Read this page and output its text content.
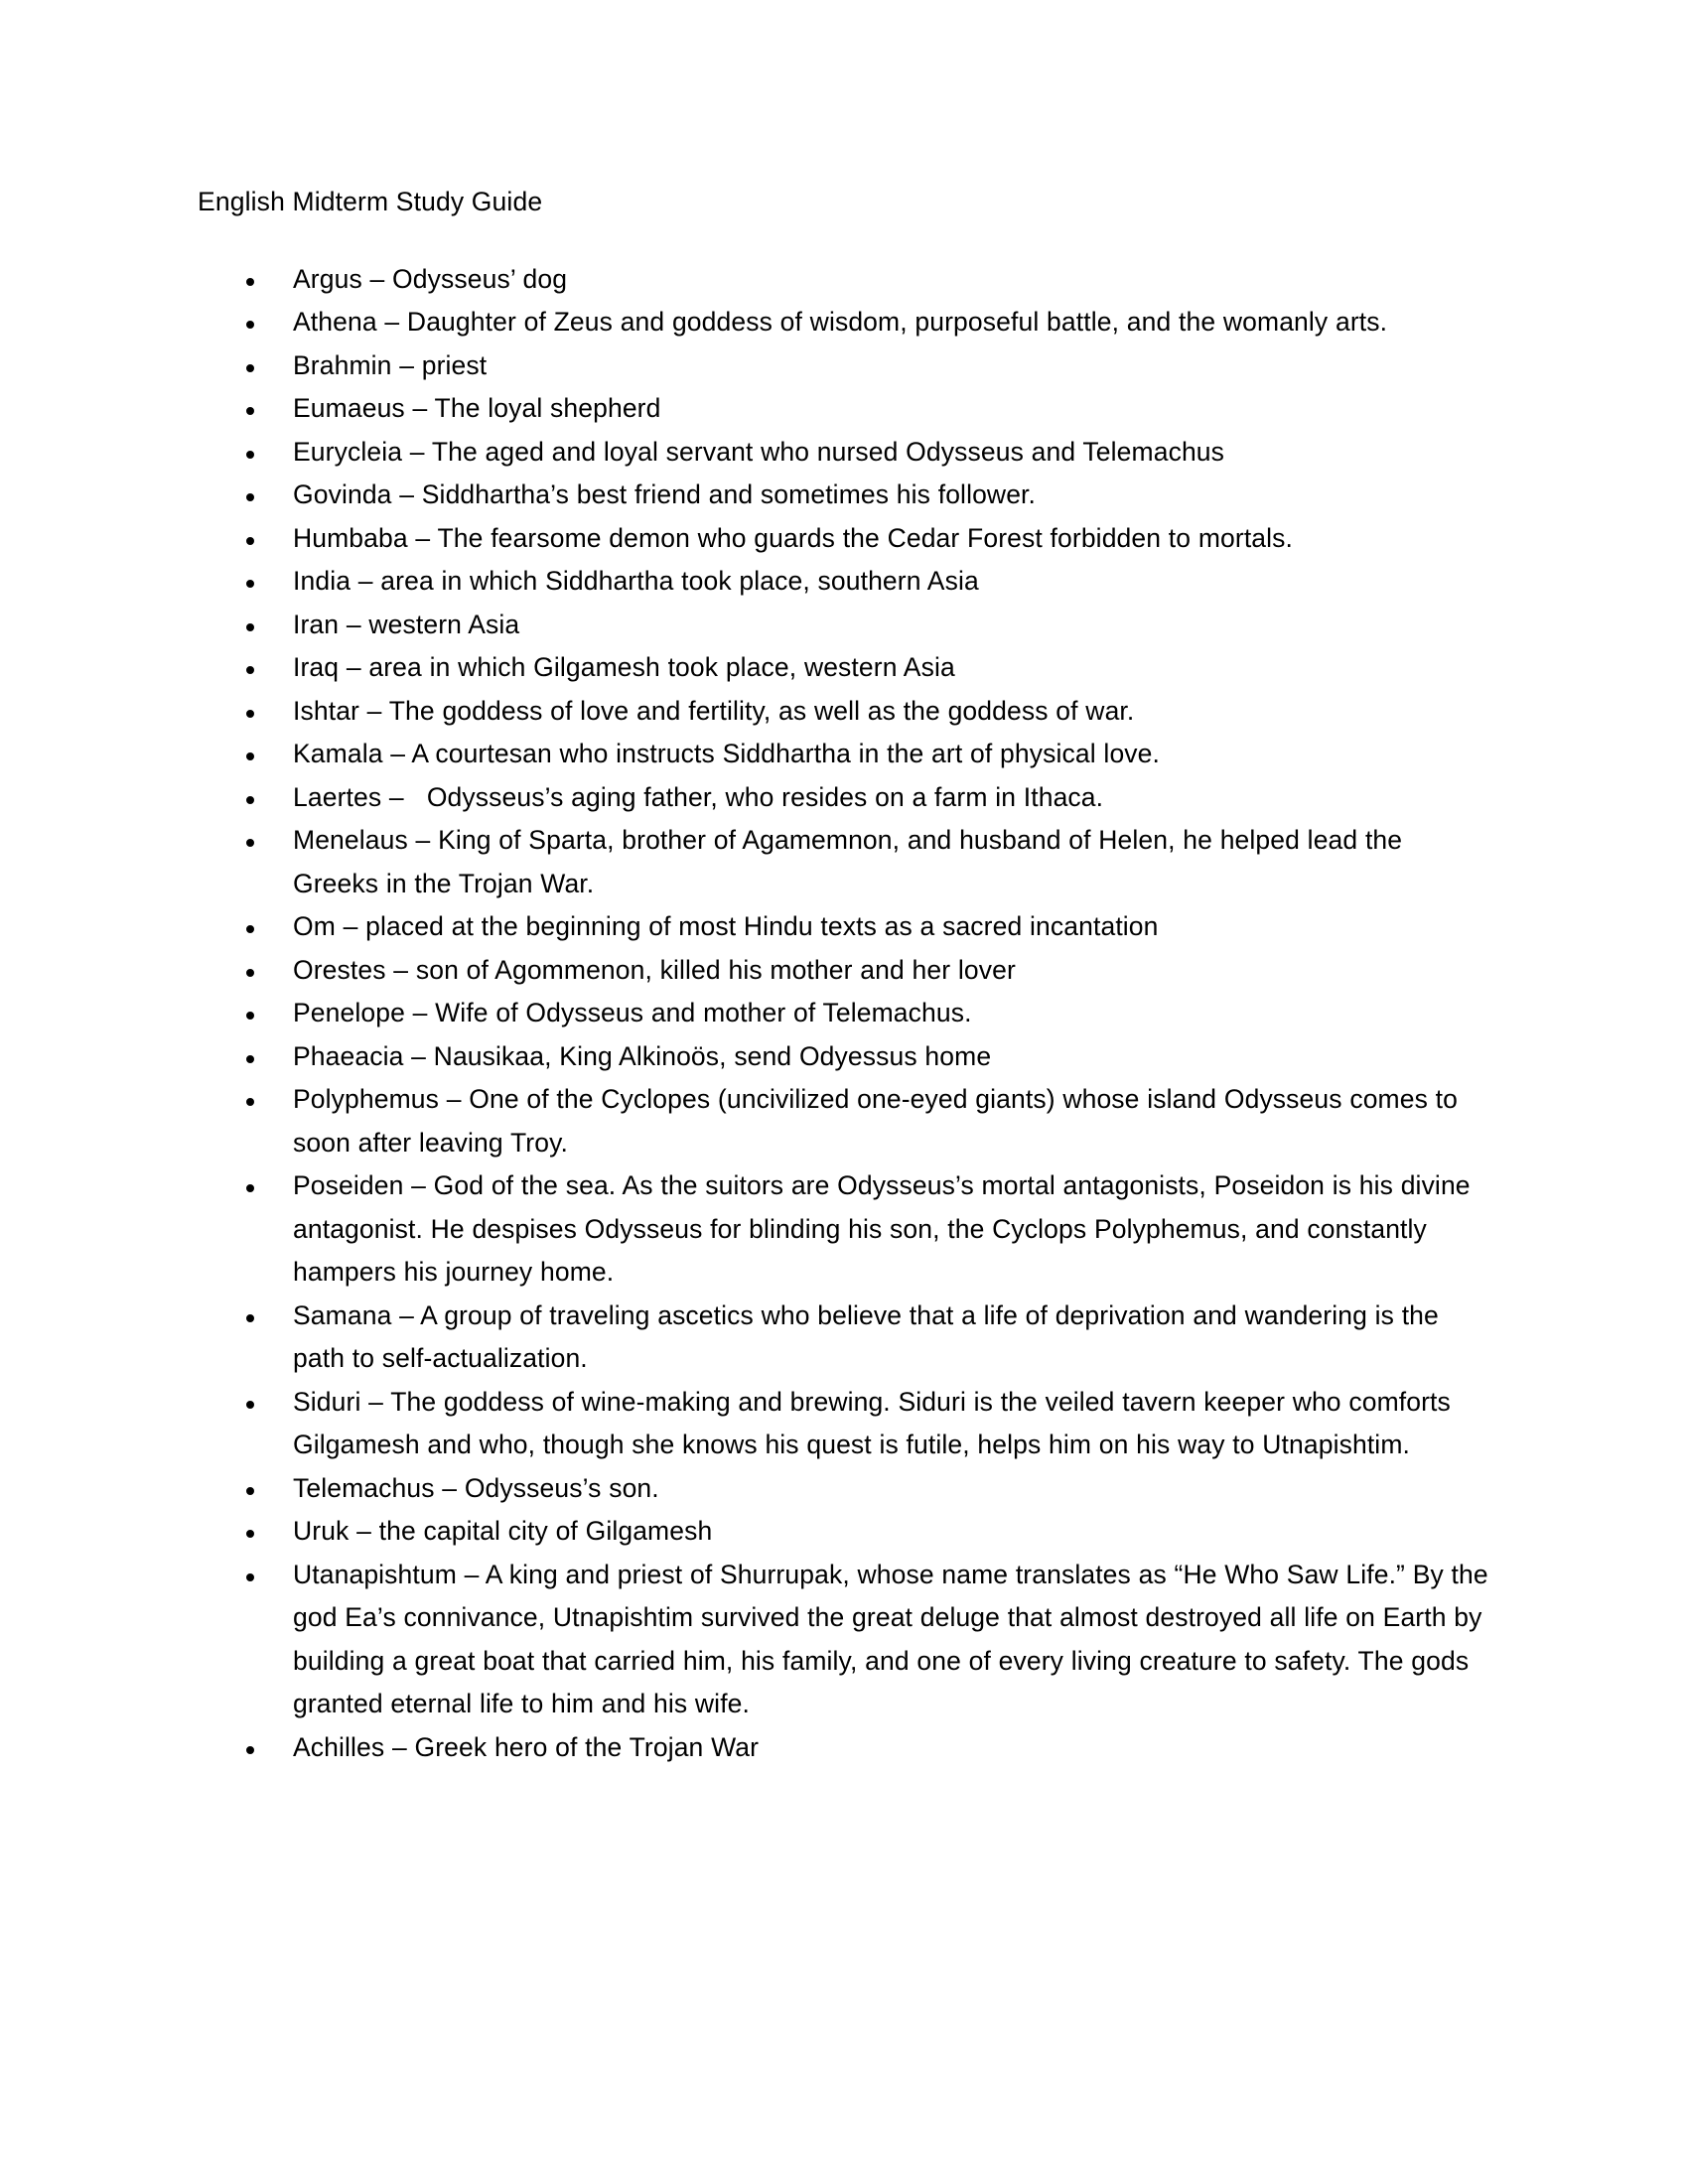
English Midterm Study Guide

Argus – Odysseus’ dog
Athena – Daughter of Zeus and goddess of wisdom, purposeful battle, and the womanly arts.
Brahmin – priest
Eumaeus – The loyal shepherd
Eurycleia – The aged and loyal servant who nursed Odysseus and Telemachus
Govinda – Siddhartha’s best friend and sometimes his follower.
Humbaba – The fearsome demon who guards the Cedar Forest forbidden to mortals.
India – area in which Siddhartha took place, southern Asia
Iran – western Asia
Iraq – area in which Gilgamesh took place, western Asia
Ishtar – The goddess of love and fertility, as well as the goddess of war.
Kamala – A courtesan who instructs Siddhartha in the art of physical love.
Laertes –   Odysseus’s aging father, who resides on a farm in Ithaca.
Menelaus – King of Sparta, brother of Agamemnon, and husband of Helen, he helped lead the Greeks in the Trojan War.
Om – placed at the beginning of most Hindu texts as a sacred incantation
Orestes – son of Agommenon, killed his mother and her lover
Penelope – Wife of Odysseus and mother of Telemachus.
Phaeacia – Nausikaa, King Alkinoös, send Odyessus home
Polyphemus – One of the Cyclopes (uncivilized one-eyed giants) whose island Odysseus comes to soon after leaving Troy.
Poseiden – God of the sea. As the suitors are Odysseus’s mortal antagonists, Poseidon is his divine antagonist. He despises Odysseus for blinding his son, the Cyclops Polyphemus, and constantly hampers his journey home.
Samana – A group of traveling ascetics who believe that a life of deprivation and wandering is the path to self-actualization.
Siduri – The goddess of wine-making and brewing. Siduri is the veiled tavern keeper who comforts Gilgamesh and who, though she knows his quest is futile, helps him on his way to Utnapishtim.
Telemachus – Odysseus’s son.
Uruk – the capital city of Gilgamesh
Utanapishtum – A king and priest of Shurrupak, whose name translates as “He Who Saw Life.” By the god Ea’s connivance, Utnapishtim survived the great deluge that almost destroyed all life on Earth by building a great boat that carried him, his family, and one of every living creature to safety. The gods granted eternal life to him and his wife.
Achilles – Greek hero of the Trojan War
